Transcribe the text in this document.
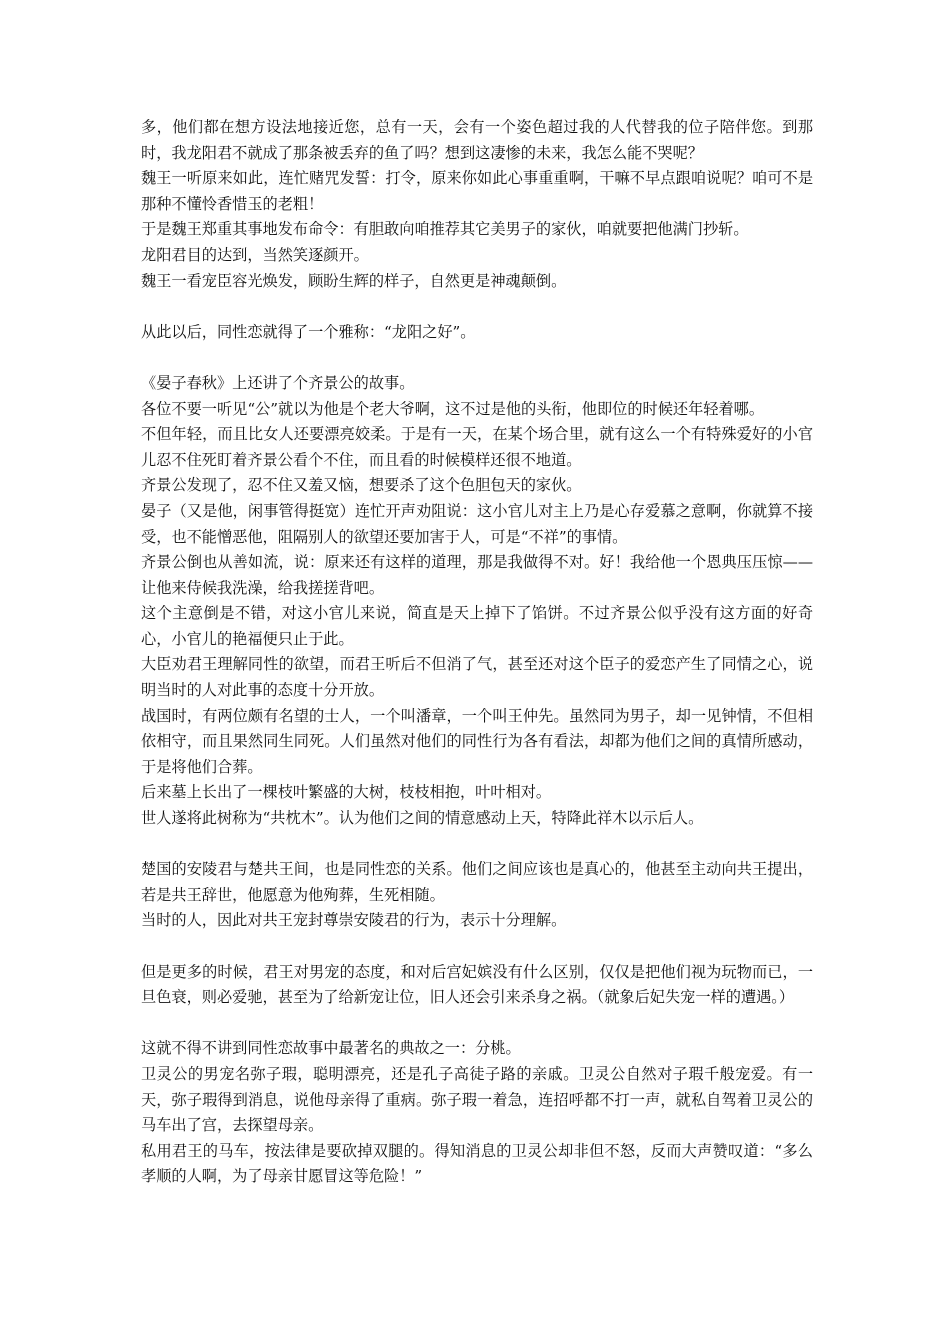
多，他们都在想方设法地接近您，总有一天，会有一个姿色超过我的人代替我的位子陪伴您。到那时，我龙阳君不就成了那条被丢弃的鱼了吗？想到这凄惨的未来，我怎么能不哭呢？

魏王一听原来如此，连忙赌咒发誓：打令，原来你如此心事重重啊，干嘛不早点跟咱说呢？咱可不是那种不懂怜香惜玉的老粗！

于是魏王郑重其事地发布命令：有胆敢向咱推荐其它美男子的家伙，咱就要把他满门抄斩。

龙阳君目的达到，当然笑逐颜开。

魏王一看宠臣容光焕发，顾盼生辉的样子，自然更是神魂颠倒。

从此以后，同性恋就得了一个雅称：“龙阳之好”。

《晏子春秋》上还讲了个齐景公的故事。

各位不要一听见“公”就以为他是个老大爷啊，这不过是他的头衔，他即位的时候还年轻着哪。

不但年轻，而且比女人还要漂亮姣柔。于是有一天，在某个场合里，就有这么一个有特殊爱好的小官儿忍不住死盯着齐景公看个不住，而且看的时候模样还很不地道。

齐景公发现了，忍不住又羞又恼，想要杀了这个色胆包天的家伙。

晏子（又是他，闲事管得挺宽）连忙开声劝阻说：这小官儿对主上乃是心存爱慕之意啊，你就算不接受，也不能憎恶他，阻隔别人的欲望还要加害于人，可是“不祥”的事情。

齐景公倒也从善如流，说：原来还有这样的道理，那是我做得不对。好！我给他一个恩典压压惊——让他来侍候我洗澡，给我搓搓背吧。

这个主意倒是不错，对这小官儿来说，简直是天上掉下了馅饼。不过齐景公似乎没有这方面的好奇心，小官儿的艳福便只止于此。

大臣劝君王理解同性的欲望，而君王听后不但消了气，甚至还对这个臣子的爱恋产生了同情之心，说明当时的人对此事的态度十分开放。

战国时，有两位颇有名望的士人，一个叫潘章，一个叫王仲先。虽然同为男子，却一见钟情，不但相依相守，而且果然同生同死。人们虽然对他们的同性行为各有看法，却都为他们之间的真情所感动，于是将他们合葬。

后来墓上长出了一棵枝叶繁盛的大树，枝枝相抱，叶叶相对。

世人遂将此树称为“共枕木”。认为他们之间的情意感动上天，特降此祥木以示后人。

楚国的安陵君与楚共王间，也是同性恋的关系。他们之间应该也是真心的，他甚至主动向共王提出，若是共王辞世，他愿意为他殉葬，生死相随。

当时的人，因此对共王宠封尊崇安陵君的行为，表示十分理解。

但是更多的时候，君王对男宠的态度，和对后宫妃嫔没有什么区别，仅仅是把他们视为玩物而已，一旦色衰，则必爱驰，甚至为了给新宠让位，旧人还会引来杀身之祸。（就象后妃失宠一样的遭遇。）

这就不得不讲到同性恋故事中最著名的典故之一：分桃。

卫灵公的男宠名弥子瑕，聪明漂亮，还是孔子高徒子路的亲戚。卫灵公自然对子瑕千般宠爱。有一天，弥子瑕得到消息，说他母亲得了重病。弥子瑕一着急，连招呼都不打一声，就私自驾着卫灵公的马车出了宫，去探望母亲。

私用君王的马车，按法律是要砍掉双腿的。得知消息的卫灵公却非但不怒，反而大声赞叹道：“多么孝顺的人啊，为了母亲甘愿冒这等危险！”
